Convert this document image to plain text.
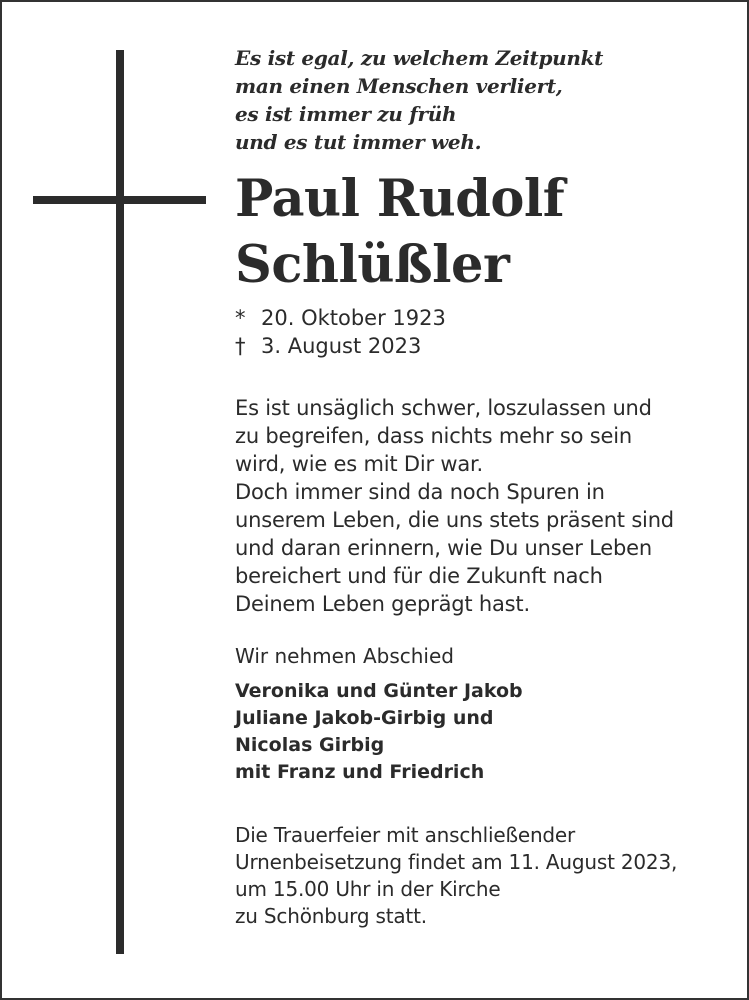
Es ist egal, zu welchem Zeitpunkt
man einen Menschen verliert,
es ist immer zu früh
und es tut immer weh.

Paul Rudolf
Schlüßler
* 20. Oktober 1923
† 3. August 2023
Es ist unsäglich schwer, loszulassen und
zu begreifen, dass nichts mehr so sein
wird, wie es mit Dir war.
Doch immer sind da noch Spuren in
unserem Leben, die uns stets präsent sind
und daran erinnern, wie Du unser Leben
bereichert und für die Zukunft nach
Deinem Leben geprägt hast.
Wir nehmen Abschied
Veronika und Günter Jakob
Juliane Jakob-Girbig und
Nicolas Girbig
mit Franz und Friedrich
Die Trauerfeier mit anschließender
Urnenbeisetzung findet am 11. August 2023,
um 15.00 Uhr in der Kirche
zu Schönburg statt.
